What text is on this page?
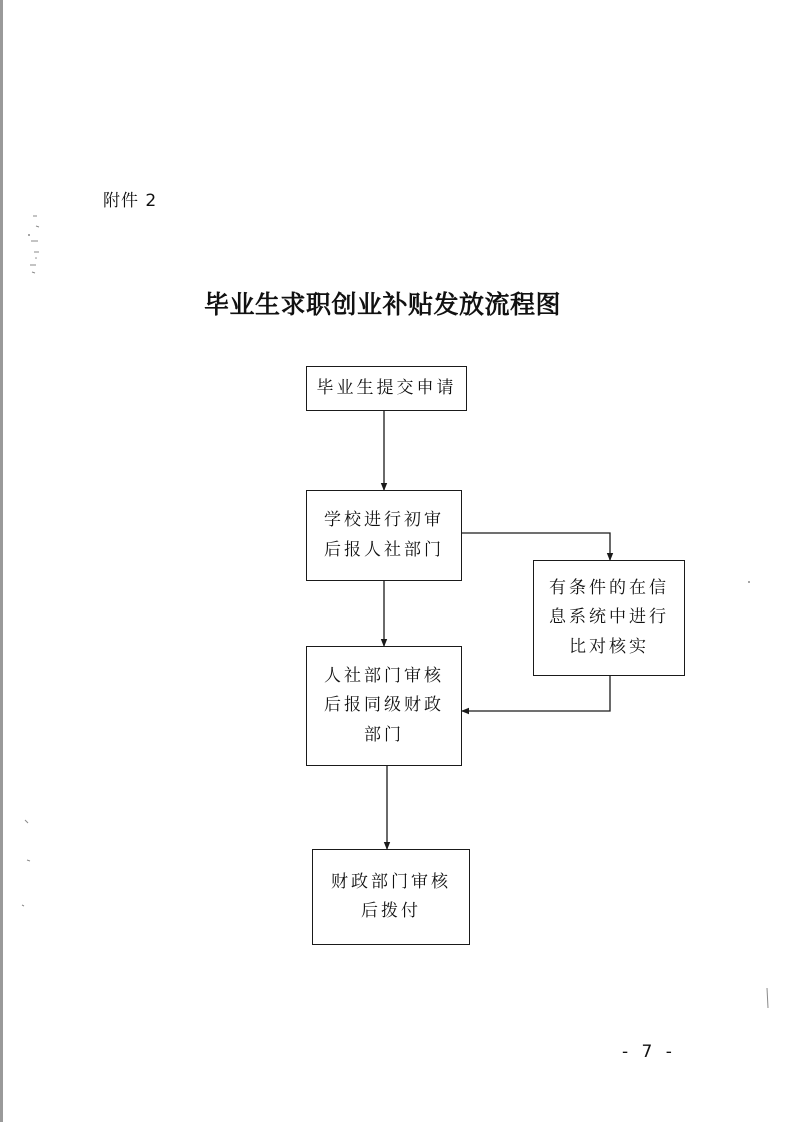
附件 2
毕业生求职创业补贴发放流程图
毕业生提交申请
学校进行初审
后报人社部门
有条件的在信
息系统中进行
比对核实
人社部门审核
后报同级财政
部门
财政部门审核
后拨付
- 7 -
